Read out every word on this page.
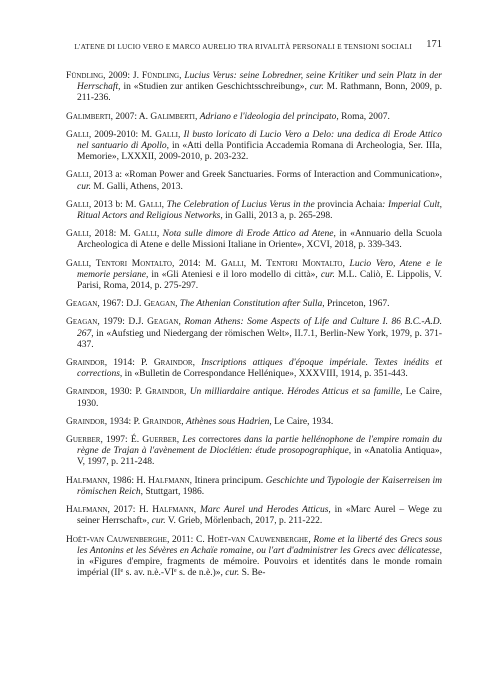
L'ATENE DI LUCIO VERO E MARCO AURELIO TRA RIVALITÀ PERSONALI E TENSIONI SOCIALI	171

Fündling, 2009: J. Fündling, Lucius Verus: seine Lobredner, seine Kritiker und sein Platz in der Herrschaft, in «Studien zur antiken Geschichtsschreibung», cur. M. Rathmann, Bonn, 2009, p. 211-236.

Galimberti, 2007: A. Galimberti, Adriano e l'ideologia del principato, Roma, 2007.

Galli, 2009-2010: M. Galli, Il busto loricato di Lucio Vero a Delo: una dedica di Erode Attico nel santuario di Apollo, in «Atti della Pontificia Accademia Romana di Archeologia, Ser. IIIa, Memorie», LXXXII, 2009-2010, p. 203-232.

Galli, 2013 a: «Roman Power and Greek Sanctuaries. Forms of Interaction and Communication», cur. M. Galli, Athens, 2013.

Galli, 2013 b: M. Galli, The Celebration of Lucius Verus in the provincia Achaia: Imperial Cult, Ritual Actors and Religious Networks, in Galli, 2013 a, p. 265-298.

Galli, 2018: M. Galli, Nota sulle dimore di Erode Attico ad Atene, in «Annuario della Scuola Archeologica di Atene e delle Missioni Italiane in Oriente», XCVI, 2018, p. 339-343.

Galli, Tentori Montalto, 2014: M. Galli, M. Tentori Montalto, Lucio Vero, Atene e le memorie persiane, in «Gli Ateniesi e il loro modello di città», cur. M.L. Caliò, E. Lippolis, V. Parisi, Roma, 2014, p. 275-297.

Geagan, 1967: D.J. Geagan, The Athenian Constitution after Sulla, Princeton, 1967.

Geagan, 1979: D.J. Geagan, Roman Athens: Some Aspects of Life and Culture I. 86 B.C.-A.D. 267, in «Aufstieg und Niedergang der römischen Welt», II.7.1, Berlin-New York, 1979, p. 371-437.

Graindor, 1914: P. Graindor, Inscriptions attiques d'époque impériale. Textes inédits et corrections, in «Bulletin de Correspondance Hellénique», XXXVIII, 1914, p. 351-443.

Graindor, 1930: P. Graindor, Un milliardaire antique. Hérodes Atticus et sa famille, Le Caire, 1930.

Graindor, 1934: P. Graindor, Athènes sous Hadrien, Le Caire, 1934.

Guerber, 1997: É. Guerber, Les correctores dans la partie hellénophone de l'empire romain du règne de Trajan à l'avènement de Dioclétien: étude prosopographique, in «Anatolia Antiqua», V, 1997, p. 211-248.

Halfmann, 1986: H. Halfmann, Itinera principum. Geschichte und Typologie der Kaiserreisen im römischen Reich, Stuttgart, 1986.

Halfmann, 2017: H. Halfmann, Marc Aurel und Herodes Atticus, in «Marc Aurel – Wege zu seiner Herrschaft», cur. V. Grieb, Mörlenbach, 2017, p. 211-222.

Hoët-van Cauwenberghe, 2011: C. Hoët-van Cauwenberghe, Rome et la liberté des Grecs sous les Antonins et les Sévères en Achaïe romaine, ou l'art d'administrer les Grecs avec délicatesse, in «Figures d'empire, fragments de mémoire. Pouvoirs et identités dans le monde romain impérial (IIe s. av. n.è.-VIe s. de n.è.)», cur. S. Be-
